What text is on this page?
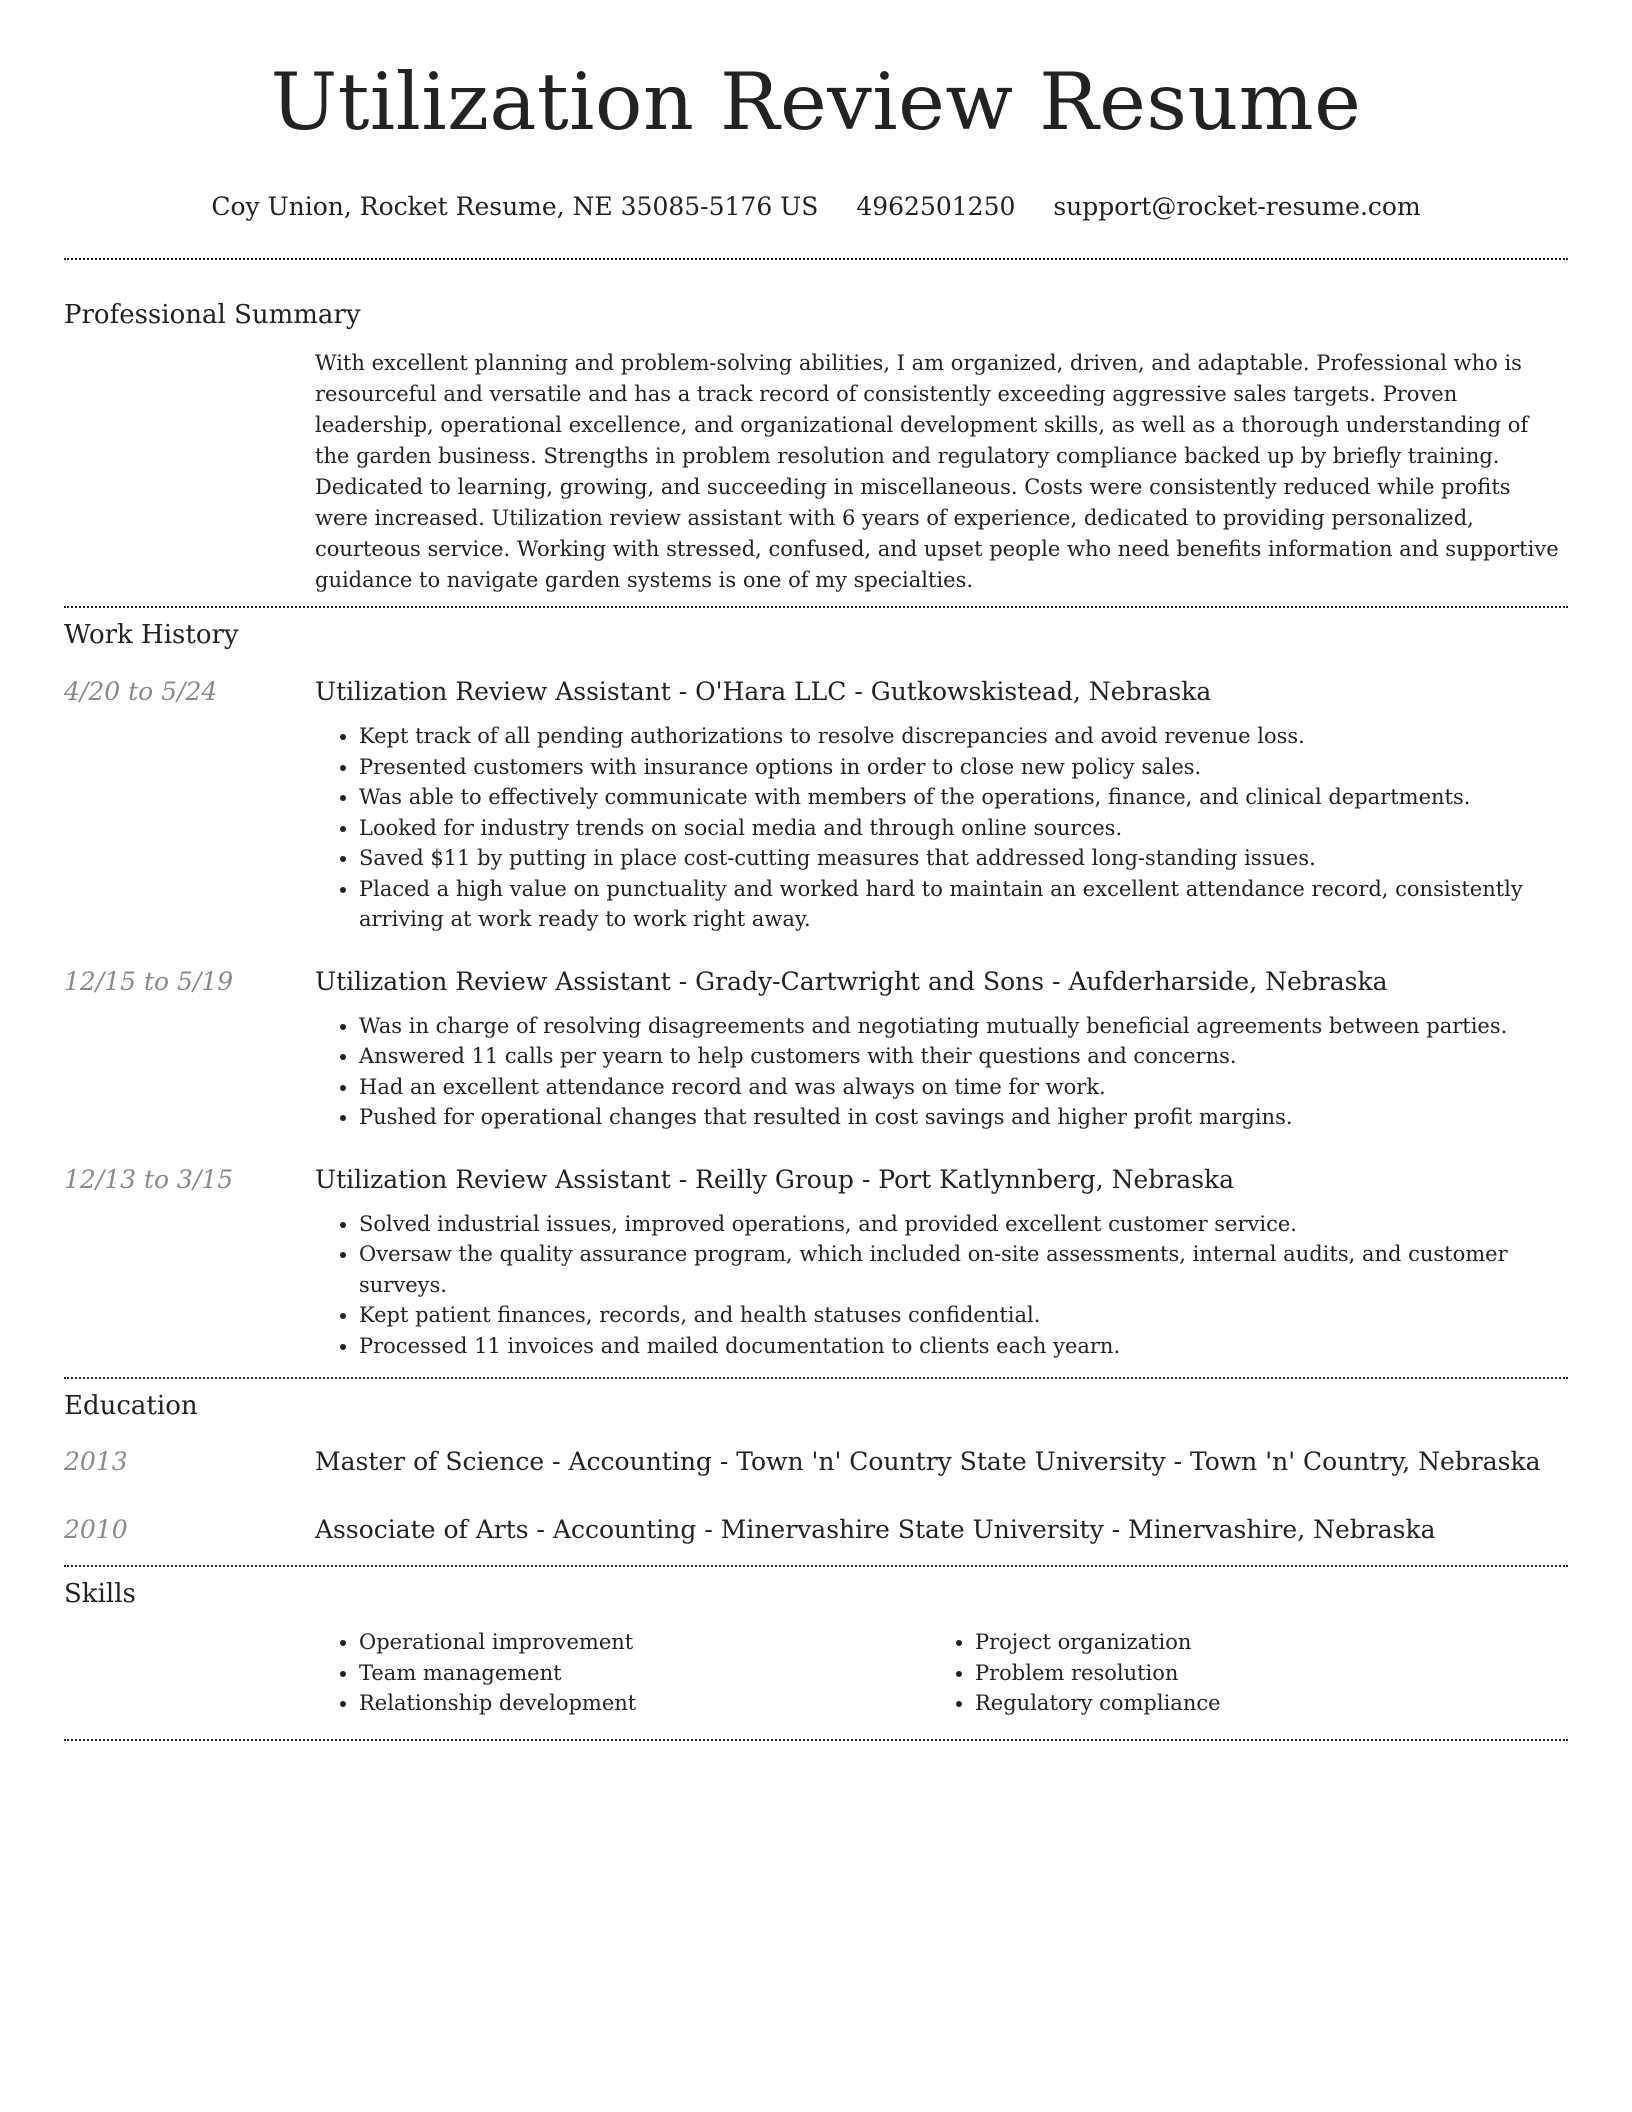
Utilization Review Resume
Coy Union, Rocket Resume, NE 35085-5176 US 4962501250 support@rocket-resume.com
Professional Summary

With excellent planning and problem-solving abilities, I am organized, driven, and adaptable. Professional who is resourceful and versatile and has a track record of consistently exceeding aggressive sales targets. Proven leadership, operational excellence, and organizational development skills, as well as a thorough understanding of the garden business. Strengths in problem resolution and regulatory compliance backed up by briefly training. Dedicated to learning, growing, and succeeding in miscellaneous. Costs were consistently reduced while profits were increased. Utilization review assistant with 6 years of experience, dedicated to providing personalized, courteous service. Working with stressed, confused, and upset people who need benefits information and supportive guidance to navigate garden systems is one of my specialties.

Work History
4/20 to 5/24	Utilization Review Assistant - O'Hara LLC - Gutkowskistead, Nebraska
• Kept track of all pending authorizations to resolve discrepancies and avoid revenue loss.
• Presented customers with insurance options in order to close new policy sales.
• Was able to effectively communicate with members of the operations, finance, and clinical departments.
• Looked for industry trends on social media and through online sources.
• Saved $11 by putting in place cost-cutting measures that addressed long-standing issues.
• Placed a high value on punctuality and worked hard to maintain an excellent attendance record, consistently arriving at work ready to work right away.
12/15 to 5/19	Utilization Review Assistant - Grady-Cartwright and Sons - Aufderharside, Nebraska
• Was in charge of resolving disagreements and negotiating mutually beneficial agreements between parties.
• Answered 11 calls per yearn to help customers with their questions and concerns.
• Had an excellent attendance record and was always on time for work.
• Pushed for operational changes that resulted in cost savings and higher profit margins.
12/13 to 3/15	Utilization Review Assistant - Reilly Group - Port Katlynnberg, Nebraska
• Solved industrial issues, improved operations, and provided excellent customer service.
• Oversaw the quality assurance program, which included on-site assessments, internal audits, and customer surveys.
• Kept patient finances, records, and health statuses confidential.
• Processed 11 invoices and mailed documentation to clients each yearn.
Education
2013	Master of Science - Accounting - Town 'n' Country State University - Town 'n' Country, Nebraska
2010	Associate of Arts - Accounting - Minervashire State University - Minervashire, Nebraska
Skills
• Operational improvement
• Team management
• Relationship development
• Project organization
• Problem resolution
• Regulatory compliance
